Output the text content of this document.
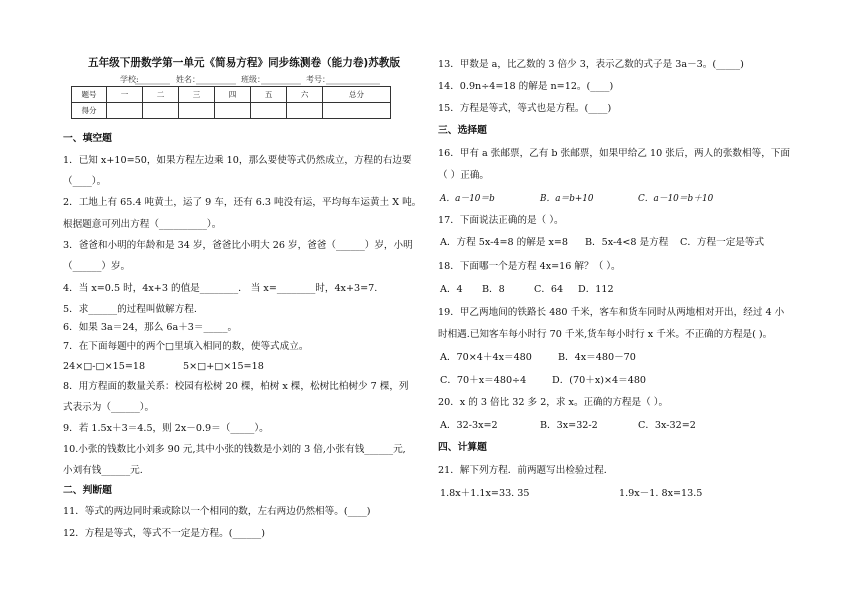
五年级下册数学第一单元《简易方程》同步练测卷（能力卷)苏教版
学校:	姓名：	班级：	考号：
题号	一	二	三	四	五	六	总分
得分							
一、填空题
1．已知 x+10=50，如果方程左边乘 10，那么要使等式仍然成立，方程的右边要
（____）。
2．工地上有 65.4 吨黄土，运了 9 车，还有 6.3 吨没有运，平均每车运黄土 X 吨。
根据题意可列出方程（__________）。
3．爸爸和小明的年龄和是 34 岁，爸爸比小明大 26 岁，爸爸（______）岁，小明
（______）岁。
4．当 x=0.5 时，4x+3 的值是________． 当 x=________时，4x+3=7.
5．求______的过程叫做解方程.
6．如果 3a＝24，那么 6a＋3＝_____。
7．在下面每题中的两个□里填入相同的数，使等式成立。
24×□-□×15=18	5×□+□×15=18
8．用方程面的数量关系：校园有松树 20 棵，柏树 x 棵，松树比柏树少 7 棵，列
式表示为（______）。
9．若 1.5x＋3＝4.5，则 2x－0.9＝（_____）。
10.小张的钱数比小刘多 90 元,其中小张的钱数是小刘的 3 倍,小张有钱______元,
小刘有钱______元.
二、判断题
11．等式的两边同时乘或除以一个相同的数，左右两边仍然相等。(____)
12．方程是等式，等式不一定是方程。(______)
13．甲数是 a，比乙数的 3 倍少 3，表示乙数的式子是 3a－3。(_____)
14．0.9n÷4=18 的解是 n=12。(____)
15．方程是等式，等式也是方程。(____)
三、选择题
16．甲有 a 张邮票，乙有 b 张邮票，如果甲给乙 10 张后，两人的张数相等，下面
（ ）正确。
A．a－10＝b	B．a＝b+10	C．a－10＝b＋10
17．下面说法正确的是（ ）。
A．方程 5x-4=8 的解是 x=8 B．5x-4<8 是方程 C．方程一定是等式
18．下面哪一个是方程 4x=16 解？（ ）。
A．4 B．8	C．64 D．112
19．甲乙两地间的铁路长 480 千米，客车和货车同时从两地相对开出，经过 4 小
时相遇.已知客车每小时行 70 千米,货车每小时行 x 千米。不正确的方程是( )。
A．70×4＋4x＝480	B．4x＝480－70
C．70＋x＝480÷4	D．(70＋x)×4＝480
20．x 的 3 倍比 32 多 2，求 x。正确的方程是（ ）。
A．32-3x=2	B．3x=32-2	C．3x-32=2
四、计算题
21．解下列方程．前两题写出检验过程．
1.8x＋1.1x=33. 35	1.9x－1. 8x=13.5
